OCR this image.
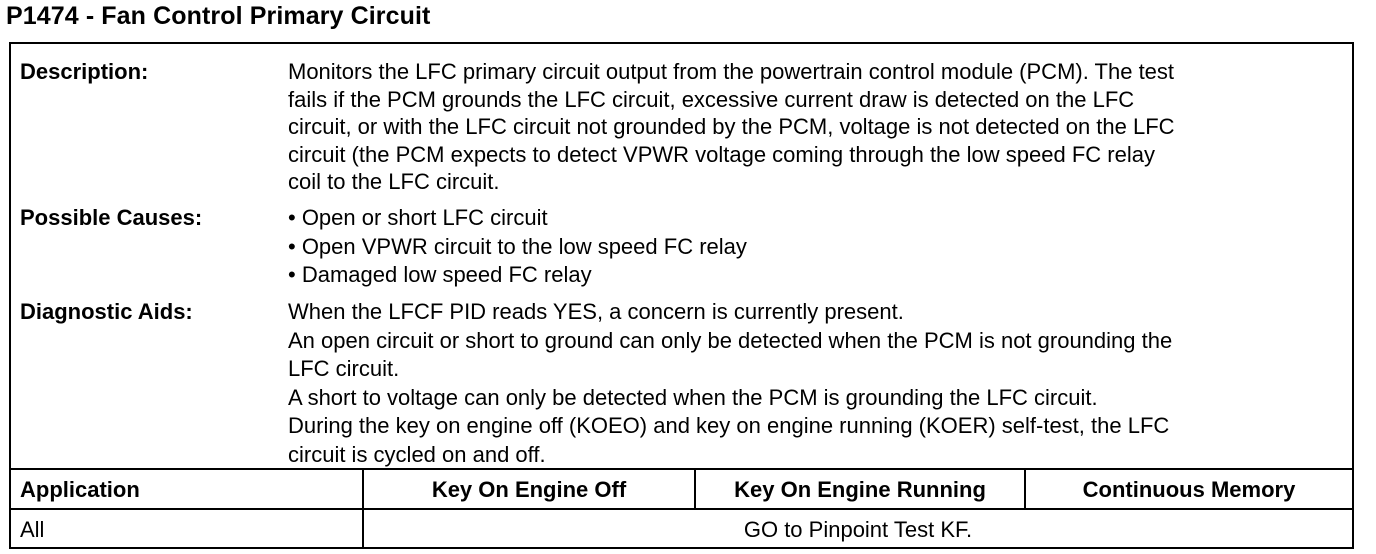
P1474 - Fan Control Primary Circuit
Description:	Monitors the LFC primary circuit output from the powertrain control module (PCM). The test
fails if the PCM grounds the LFC circuit, excessive current draw is detected on the LFC
circuit, or with the LFC circuit not grounded by the PCM, voltage is not detected on the LFC
circuit (the PCM expects to detect VPWR voltage coming through the low speed FC relay
coil to the LFC circuit.
Possible Causes:	• Open or short LFC circuit
• Open VPWR circuit to the low speed FC relay
• Damaged low speed FC relay
Diagnostic Aids:	When the LFCF PID reads YES, a concern is currently present.
An open circuit or short to ground can only be detected when the PCM is not grounding the
LFC circuit.
A short to voltage can only be detected when the PCM is grounding the LFC circuit.
During the key on engine off (KOEO) and key on engine running (KOER) self-test, the LFC
circuit is cycled on and off.
Application	Key On Engine Off	Key On Engine Running	Continuous Memory
All	GO to Pinpoint Test KF.
